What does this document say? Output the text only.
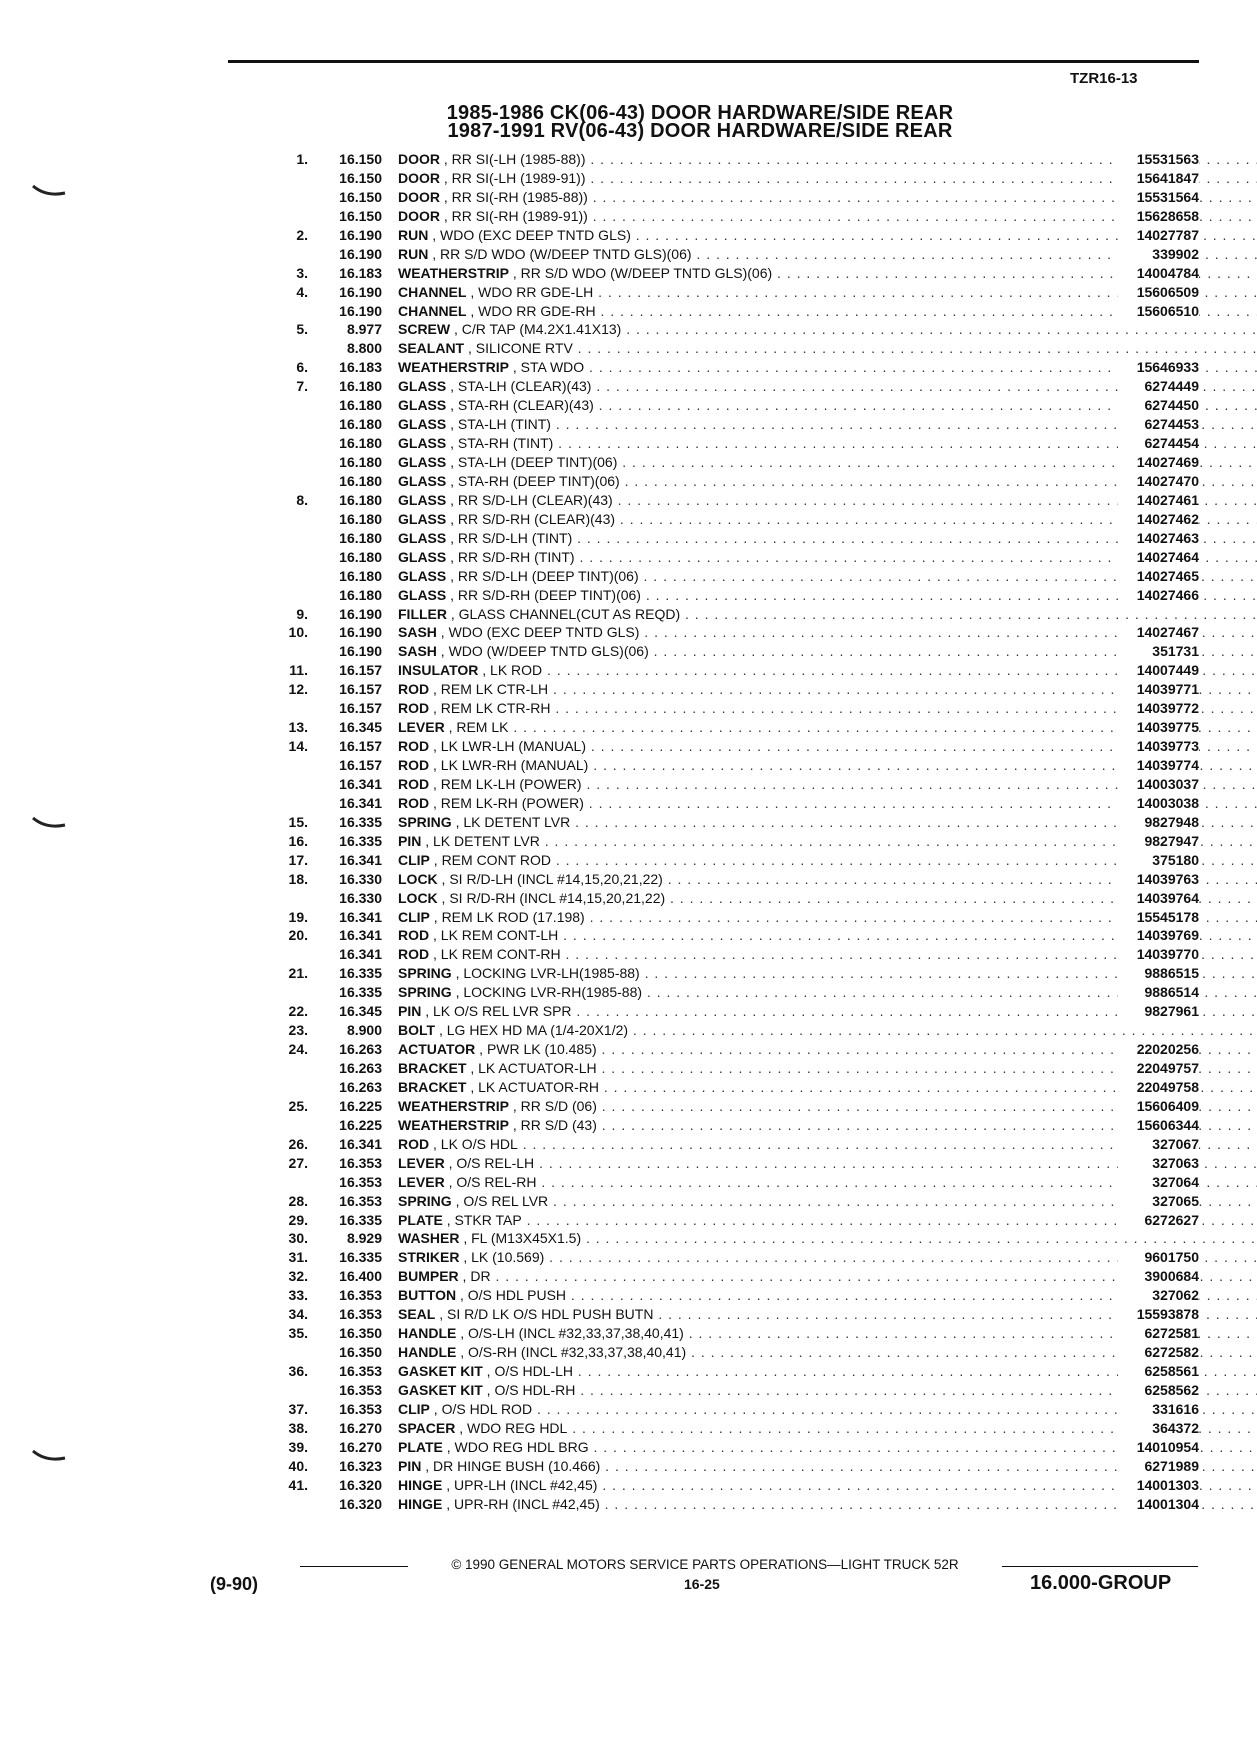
TZR16-13
1985-1986 CK(06-43) DOOR HARDWARE/SIDE REAR
1987-1991 RV(06-43) DOOR HARDWARE/SIDE REAR
1.	16.150 DOOR , RR SI(-LH (1985-88)) . . .	15531563
16.150 DOOR , RR SI(-LH (1989-91)) . . .	15641847
16.150 DOOR , RR SI(-RH (1985-88)) . . .	15531564
16.150 DOOR , RR SI(-RH (1989-91)) . . .	15628658
2.	16.190 RUN , WDO (EXC DEEP TNTD GLS) . . .	14027787
16.190 RUN , RR S/D WDO (W/DEEP TNTD GLS)(06) . . .	339902
3.	16.183 WEATHERSTRIP , RR S/D WDO (W/DEEP TNTD GLS)(06) . . .	14004784
4.	16.190 CHANNEL , WDO RR GDE-LH . . .	15606509
16.190 CHANNEL , WDO RR GDE-RH . . .	15606510
5.	8.977 SCREW , C/R TAP (M4.2X1.41X13) . . .
8.800 SEALANT , SILICONE RTV . . .
6.	16.183 WEATHERSTRIP , STA WDO . . .	15646933
7.	16.180 GLASS , STA-LH (CLEAR)(43) . . .	6274449
16.180 GLASS , STA-RH (CLEAR)(43) . . .	6274450
16.180 GLASS , STA-LH (TINT) . . .	6274453
16.180 GLASS , STA-RH (TINT) . . .	6274454
16.180 GLASS , STA-LH (DEEP TINT)(06) . . .	14027469
16.180 GLASS , STA-RH (DEEP TINT)(06) . . .	14027470
8.	16.180 GLASS , RR S/D-LH (CLEAR)(43) . . .	14027461
16.180 GLASS , RR S/D-RH (CLEAR)(43) . . .	14027462
16.180 GLASS , RR S/D-LH (TINT) . . .	14027463
16.180 GLASS , RR S/D-RH (TINT) . . .	14027464
16.180 GLASS , RR S/D-LH (DEEP TINT)(06) . . .	14027465
16.180 GLASS , RR S/D-RH (DEEP TINT)(06) . . .	14027466
9.	16.190 FILLER , GLASS CHANNEL(CUT AS REQD) . . .
10.	16.190 SASH , WDO (EXC DEEP TNTD GLS) . . .	14027467
16.190 SASH , WDO (W/DEEP TNTD GLS)(06) . . .	351731
11.	16.157 INSULATOR , LK ROD . . .	14007449
12.	16.157 ROD , REM LK CTR-LH . . .	14039771
16.157 ROD , REM LK CTR-RH . . .	14039772
13.	16.345 LEVER , REM LK . . .	14039775
14.	16.157 ROD , LK LWR-LH (MANUAL) . . .	14039773
16.157 ROD , LK LWR-RH (MANUAL) . . .	14039774
16.341 ROD , REM LK-LH (POWER) . . .	14003037
16.341 ROD , REM LK-RH (POWER) . . .	14003038
15.	16.335 SPRING , LK DETENT LVR . . .	9827948
16.	16.335 PIN , LK DETENT LVR . . .	9827947
17.	16.341 CLIP , REM CONT ROD . . .	375180
18.	16.330 LOCK , SI R/D-LH (INCL #14,15,20,21,22) . . .	14039763
16.330 LOCK , SI R/D-RH (INCL #14,15,20,21,22) . . .	14039764
19.	16.341 CLIP , REM LK ROD (17.198) . . .	15545178
20.	16.341 ROD , LK REM CONT-LH . . .	14039769
16.341 ROD , LK REM CONT-RH . . .	14039770
21.	16.335 SPRING , LOCKING LVR-LH(1985-88) . . .	9886515
16.335 SPRING , LOCKING LVR-RH(1985-88) . . .	9886514
22.	16.345 PIN , LK O/S REL LVR SPR . . .	9827961
23.	8.900 BOLT , LG HEX HD MA (1/4-20X1/2) . . .
24.	16.263 ACTUATOR , PWR LK (10.485) . . .	22020256
16.263 BRACKET , LK ACTUATOR-LH . . .	22049757
16.263 BRACKET , LK ACTUATOR-RH . . .	22049758
25.	16.225 WEATHERSTRIP , RR S/D (06) . . .	15606409
16.225 WEATHERSTRIP , RR S/D (43) . . .	15606344
26.	16.341 ROD , LK O/S HDL . . .	327067
27.	16.353 LEVER , O/S REL-LH . . .	327063
16.353 LEVER , O/S REL-RH . . .	327064
28.	16.353 SPRING , O/S REL LVR . . .	327065
29.	16.335 PLATE , STKR TAP . . .	6272627
30.	8.929 WASHER , FL (M13X45X1.5) . . .
31.	16.335 STRIKER , LK (10.569) . . .	9601750
32.	16.400 BUMPER , DR . . .	3900684
33.	16.353 BUTTON , O/S HDL PUSH . . .	327062
34.	16.353 SEAL , SI R/D LK O/S HDL PUSH BUTN . . .	15593878
35.	16.350 HANDLE , O/S-LH (INCL #32,33,37,38,40,41) . . .	6272581
16.350 HANDLE , O/S-RH (INCL #32,33,37,38,40,41) . . .	6272582
36.	16.353 GASKET KIT , O/S HDL-LH . . .	6258561
16.353 GASKET KIT , O/S HDL-RH . . .	6258562
37.	16.353 CLIP , O/S HDL ROD . . .	331616
38.	16.270 SPACER , WDO REG HDL . . .	364372
39.	16.270 PLATE , WDO REG HDL BRG . . .	14010954
40.	16.323 PIN , DR HINGE BUSH (10.466) . . .	6271989
41.	16.320 HINGE , UPR-LH (INCL #42,45) . . .	14001303
16.320 HINGE , UPR-RH (INCL #42,45) . . .	14001304
© 1990 GENERAL MOTORS SERVICE PARTS OPERATIONS—LIGHT TRUCK 52R
(9-90)	16-25	16.000-GROUP
